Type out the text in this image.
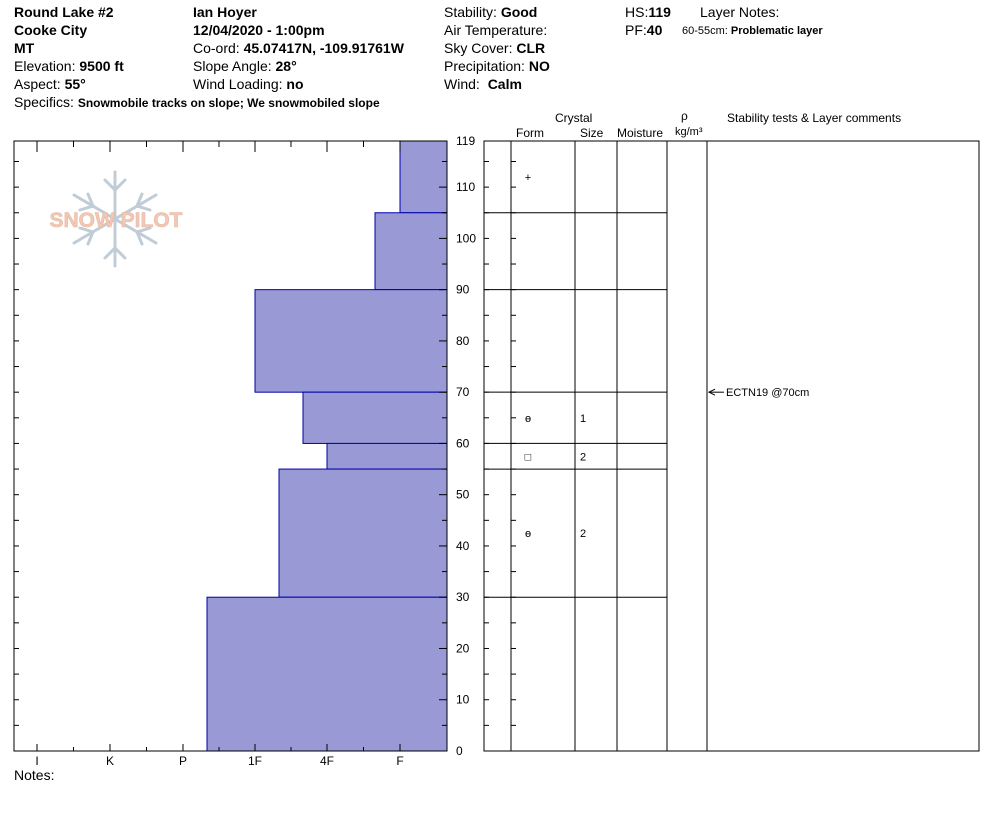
Round Lake #2
Cooke City
MT
Elevation: 9500 ft
Aspect: 55°
Specifics: Snowmobile tracks on slope; We snowmobiled slope
Ian Hoyer
12/04/2020 - 1:00pm
Co-ord: 45.07417N, -109.91761W
Slope Angle: 28°
Wind Loading: no
Stability: Good
Air Temperature:
Sky Cover: CLR
Precipitation: NO
Wind: Calm
HS:119
PF:40
Layer Notes:
60-55cm: Problematic layer
Crystal
Form	Size Moisture
ρ
kg/m³
Stability tests & Layer comments
SNOW PILOT
0
10
20
30
40
50
60
70
80
90
100
110
119
I	K	P	1F	4F	F
+
ɵ	1
□	2
ɵ	2
ECTN19 @70cm
Notes:
